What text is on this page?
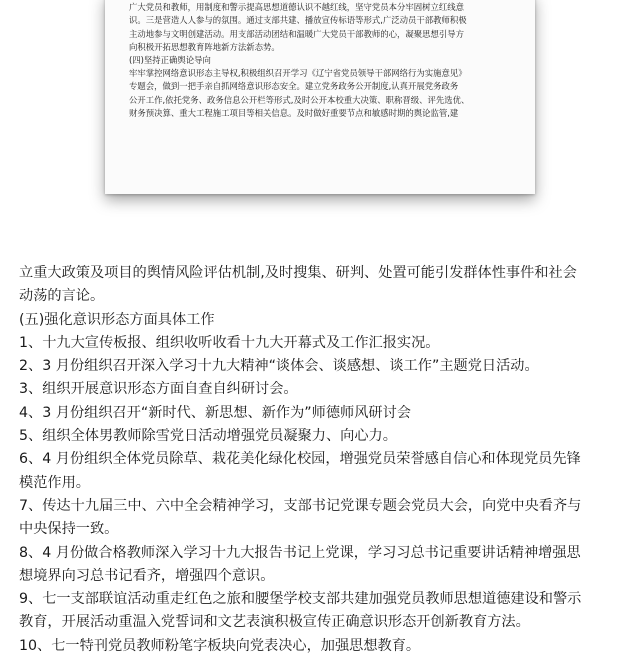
广大党员和教师，用制度和警示提高思想道德认识不越红线，坚守党员本分牢固树立红线意
识。三是营造人人参与的氛围。通过支部共建、播放宣传标语等形式,广泛动员干部教师积极
主动地参与文明创建活动。用支部活动团结和温暖广大党员干部教师的心，凝聚思想引导方
向积极开拓思想教育阵地新方法新态势。
(四)坚持正确舆论导向
牢牢掌控网络意识形态主导权,积极组织召开学习《辽宁省党员领导干部网络行为实施意见》
专题会，做到一把手亲自抓网络意识形态安全。建立党务政务公开制度,认真开展党务政务
公开工作,依托党务、政务信息公开栏等形式,及时公开本校重大决策、职称晋级、评先选优、
财务预决算、重大工程施工项目等相关信息。及时做好重要节点和敏感时期的舆论监管,建
立重大政策及项目的舆情风险评估机制,及时搜集、研判、处置可能引发群体性事件和社会
动荡的言论。
(五)强化意识形态方面具体工作
1、十九大宣传板报、组织收听收看十九大开幕式及工作汇报实况。
2、3 月份组织召开深入学习十九大精神“谈体会、谈感想、谈工作”主题党日活动。
3、组织开展意识形态方面自查自纠研讨会。
4、3 月份组织召开“新时代、新思想、新作为”师德师风研讨会
5、组织全体男教师除雪党日活动增强党员凝聚力、向心力。
6、4 月份组织全体党员除草、栽花美化绿化校园，增强党员荣誉感自信心和体现党员先锋
模范作用。
7、传达十九届三中、六中全会精神学习，支部书记党课专题会党员大会，向党中央看齐与
中央保持一致。
8、4 月份做合格教师深入学习十九大报告书记上党课，学习习总书记重要讲话精神增强思
想境界向习总书记看齐，增强四个意识。
9、七一支部联谊活动重走红色之旅和腰堡学校支部共建加强党员教师思想道德建设和警示
教育，开展活动重温入党誓词和文艺表演积极宣传正确意识形态开创新教育方法。
10、七一特刊党员教师粉笔字板块向党表决心，加强思想教育。
